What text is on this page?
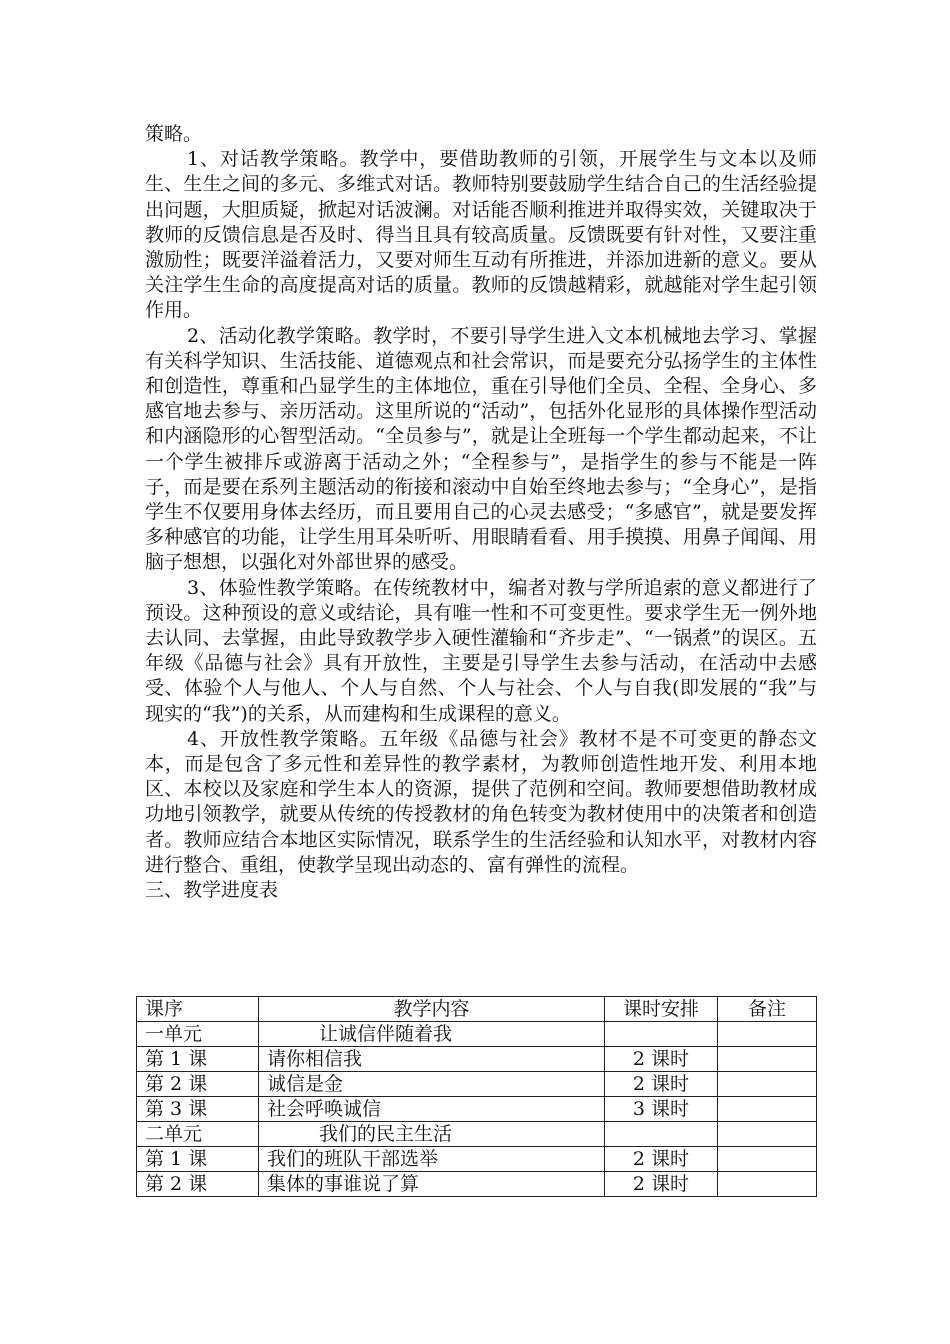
策略。

1、对话教学策略。教学中，要借助教师的引领，开展学生与文本以及师生、生生之间的多元、多维式对话。教师特别要鼓励学生结合自己的生活经验提出问题，大胆质疑，掀起对话波澜。对话能否顺利推进并取得实效，关键取决于教师的反馈信息是否及时、得当且具有较高质量。反馈既要有针对性，又要注重激励性；既要洋溢着活力，又要对师生互动有所推进，并添加进新的意义。要从关注学生生命的高度提高对话的质量。教师的反馈越精彩，就越能对学生起引领作用。

2、活动化教学策略。教学时，不要引导学生进入文本机械地去学习、掌握有关科学知识、生活技能、道德观点和社会常识，而是要充分弘扬学生的主体性和创造性，尊重和凸显学生的主体地位，重在引导他们全员、全程、全身心、多感官地去参与、亲历活动。这里所说的“活动”，包括外化显形的具体操作型活动和内涵隐形的心智型活动。“全员参与”，就是让全班每一个学生都动起来，不让一个学生被排斥或游离于活动之外；“全程参与”，是指学生的参与不能是一阵子，而是要在系列主题活动的衔接和滚动中自始至终地去参与；“全身心”，是指学生不仅要用身体去经历，而且要用自己的心灵去感受；“多感官”，就是要发挥多种感官的功能，让学生用耳朵听听、用眼睛看看、用手摸摸、用鼻子闻闻、用脑子想想，以强化对外部世界的感受。

3、体验性教学策略。在传统教材中，编者对教与学所追索的意义都进行了预设。这种预设的意义或结论，具有唯一性和不可变更性。要求学生无一例外地去认同、去掌握，由此导致教学步入硬性灌输和“齐步走”、“一锅煮”的误区。五年级《品德与社会》具有开放性，主要是引导学生去参与活动，在活动中去感受、体验个人与他人、个人与自然、个人与社会、个人与自我(即发展的“我”与现实的“我”)的关系，从而建构和生成课程的意义。

4、开放性教学策略。五年级《品德与社会》教材不是不可变更的静态文本，而是包含了多元性和差异性的教学素材，为教师创造性地开发、利用本地区、本校以及家庭和学生本人的资源，提供了范例和空间。教师要想借助教材成功地引领教学，就要从传统的传授教材的角色转变为教材使用中的决策者和创造者。教师应结合本地区实际情况，联系学生的生活经验和认知水平，对教材内容进行整合、重组，使教学呈现出动态的、富有弹性的流程。

三、教学进度表

课序	教学内容	课时安排	备注
一单元	让诚信伴随着我		
第 1 课	请你相信我	2 课时	
第 2 课	诚信是金	2 课时	
第 3 课	社会呼唤诚信	3 课时	
二单元	我们的民主生活		
第 1 课	我们的班队干部选举	2 课时	
第 2 课	集体的事谁说了算	2 课时	
